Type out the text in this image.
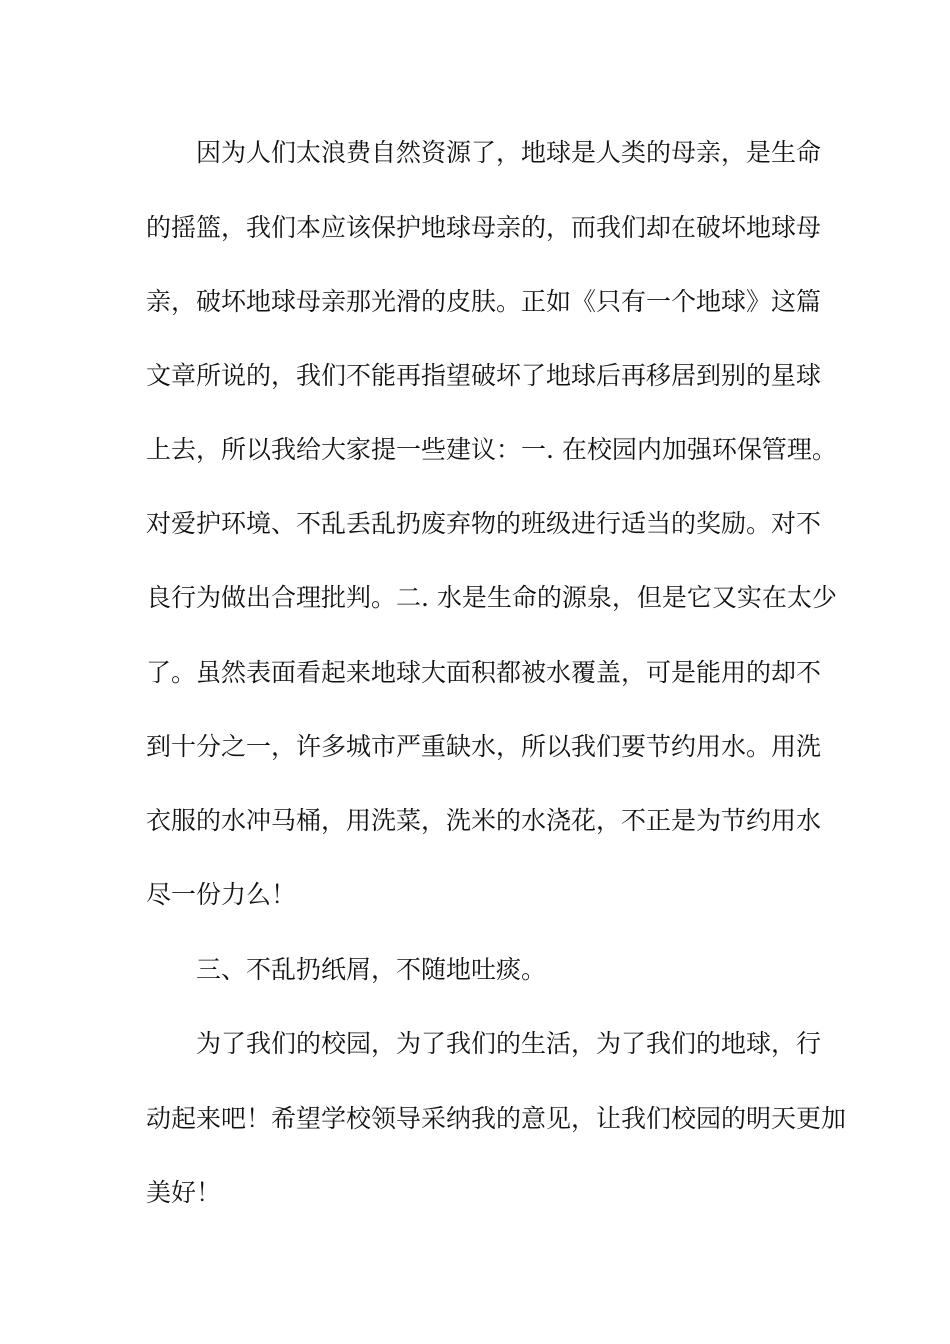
因为人们太浪费自然资源了，地球是人类的母亲，是生命
的摇篮，我们本应该保护地球母亲的，而我们却在破坏地球母
亲，破坏地球母亲那光滑的皮肤。正如《只有一个地球》这篇
文章所说的，我们不能再指望破坏了地球后再移居到别的星球
上去，所以我给大家提一些建议：一. 在校园内加强环保管理。
对爱护环境、不乱丢乱扔废弃物的班级进行适当的奖励。对不
良行为做出合理批判。二. 水是生命的源泉，但是它又实在太少
了。虽然表面看起来地球大面积都被水覆盖，可是能用的却不
到十分之一，许多城市严重缺水，所以我们要节约用水。用洗
衣服的水冲马桶，用洗菜，洗米的水浇花，不正是为节约用水
尽一份力么！
三、不乱扔纸屑，不随地吐痰。
为了我们的校园，为了我们的生活，为了我们的地球，行
动起来吧！希望学校领导采纳我的意见，让我们校园的明天更加
美好！
